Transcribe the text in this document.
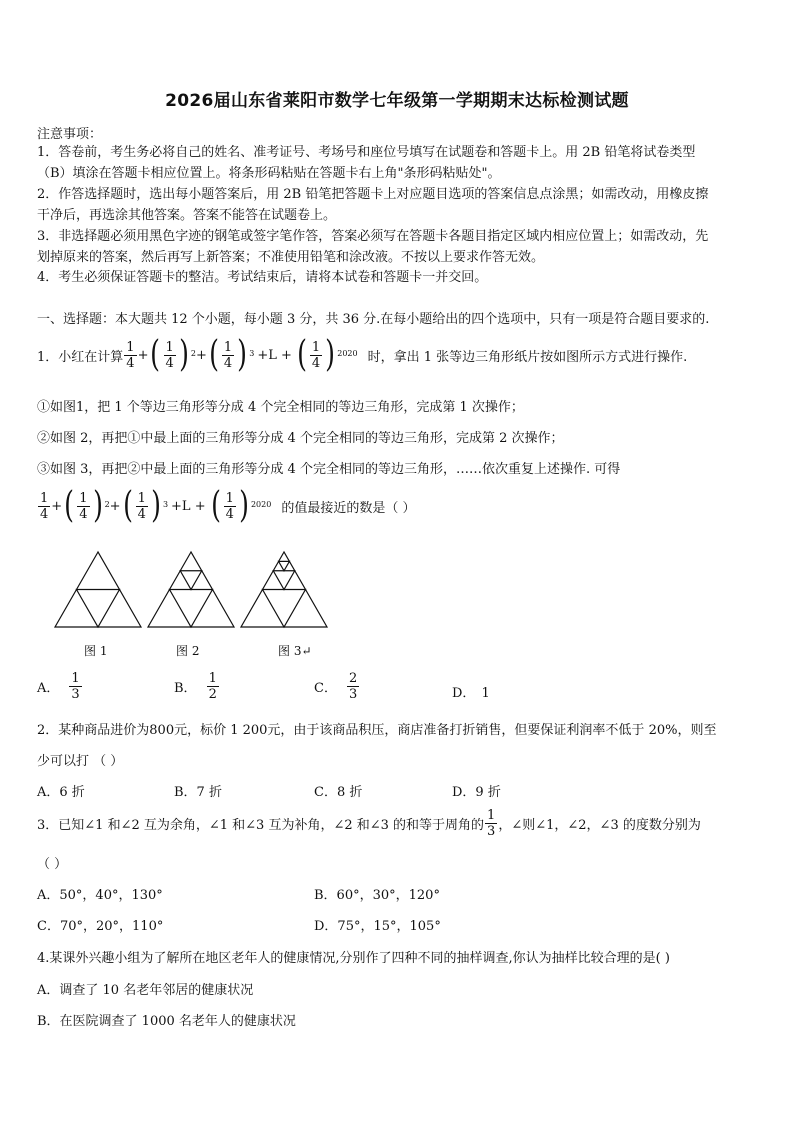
2026届山东省莱阳市数学七年级第一学期期末达标检测试题
注意事项：
1．答卷前，考生务必将自己的姓名、准考证号、考场号和座位号填写在试题卷和答题卡上。用 2B 铅笔将试卷类型
（B）填涂在答题卡相应位置上。将条形码粘贴在答题卡右上角"条形码粘贴处"。
2．作答选择题时，选出每小题答案后，用 2B 铅笔把答题卡上对应题目选项的答案信息点涂黑；如需改动，用橡皮擦
干净后，再选涂其他答案。答案不能答在试题卷上。
3．非选择题必须用黑色字迹的钢笔或签字笔作答，答案必须写在答题卡各题目指定区域内相应位置上；如需改动，先
划掉原来的答案，然后再写上新答案；不准使用铅笔和涂改液。不按以上要求作答无效。
4．考生必须保证答题卡的整洁。考试结束后，请将本试卷和答题卡一并交回。
一、选择题：本大题共 12 个小题，每小题 3 分，共 36 分.在每小题给出的四个选项中，只有一项是符合题目要求的.
1．小红在计算 $\frac{1}{4}$ + ( $\frac{1}{4}$ ) 2 + ( $\frac{1}{4}$ ) 3 +L + ( $\frac{1}{4}$ ) 2020 时，拿出 1 张等边三角形纸片按如图所示方式进行操作.
①如图1，把 1 个等边三角形等分成 4 个完全相同的等边三角形，完成第 1 次操作；
②如图 2，再把①中最上面的三角形等分成 4 个完全相同的等边三角形，完成第 2 次操作；
③如图 3，再把②中最上面的三角形等分成 4 个完全相同的等边三角形，……依次重复上述操作. 可得
$\frac{1}{4}$ + ( $\frac{1}{4}$ ) 2 + ( $\frac{1}{4}$ ) 3 +L + ( $\frac{1}{4}$ ) 2020 的值最接近的数是（ ）
图 1	图 2	图 3↵
A． $\frac{1}{3}$	B． $\frac{1}{2}$	C． $\frac{2}{3}$	D． 1
2．某种商品进价为800元，标价 1 200元，由于该商品积压，商店准备打折销售，但要保证利润率不低于 20%，则至
少可以打 （ ）
A．6 折	B．7 折	C．8 折	D．9 折
3．已知∠1 和∠2 互为余角，∠1 和∠3 互为补角，∠2 和∠3 的和等于周角的 $\frac{1}{3}$ ，∠则∠1，∠2，∠3 的度数分别为
（ ）
A．50°，40°，130°	B．60°，30°，120°
C．70°，20°，110°	D．75°，15°，105°
4.某课外兴趣小组为了解所在地区老年人的健康情况,分别作了四种不同的抽样调查,你认为抽样比较合理的是( )
A．调查了 10 名老年邻居的健康状况
B．在医院调查了 1000 名老年人的健康状况
